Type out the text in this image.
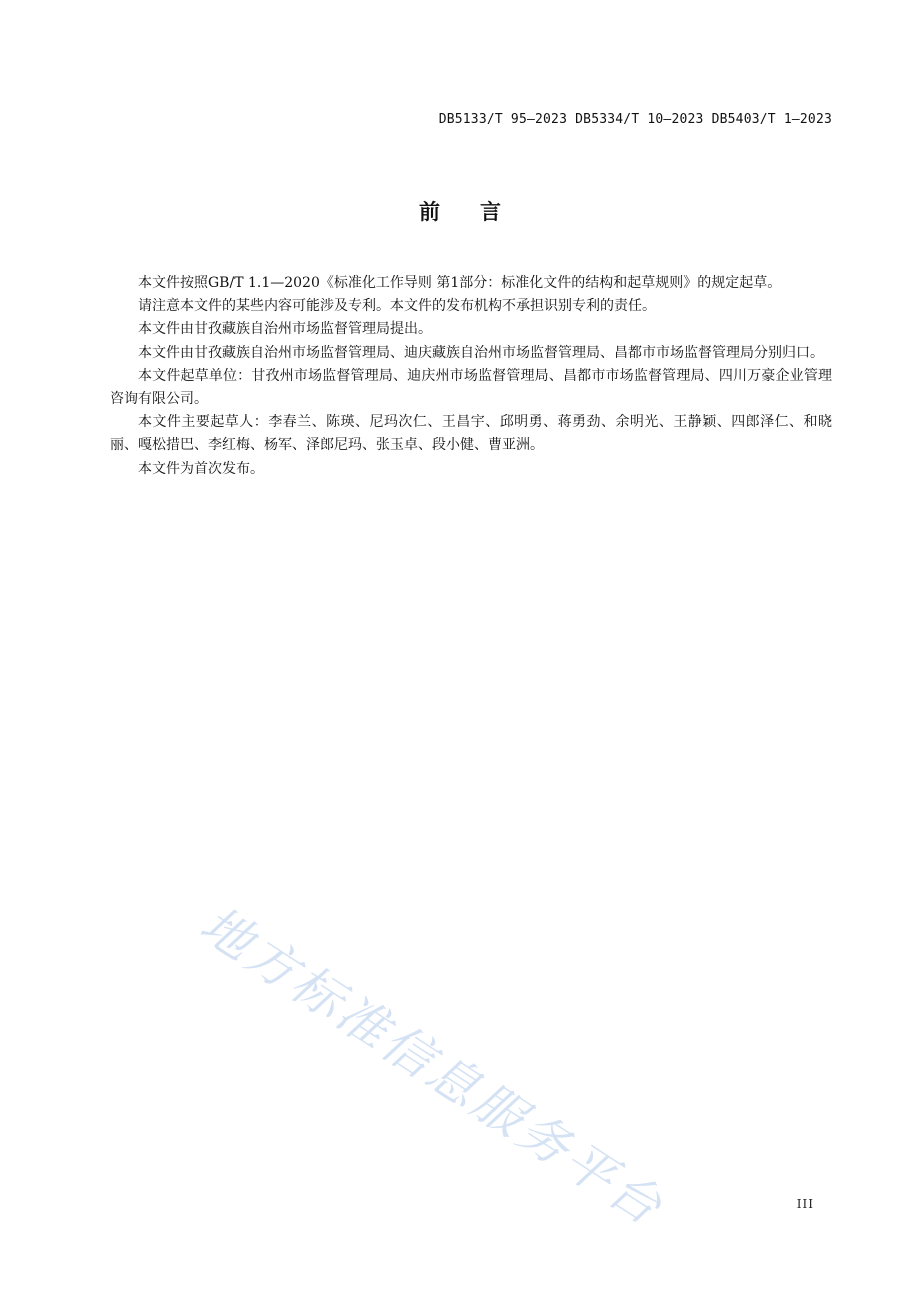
DB5133/T 95—2023 DB5334/T 10—2023 DB5403/T 1—2023
前言

本文件按照GB/T 1.1—2020《标准化工作导则 第1部分：标准化文件的结构和起草规则》的规定起草。

请注意本文件的某些内容可能涉及专利。本文件的发布机构不承担识别专利的责任。

本文件由甘孜藏族自治州市场监督管理局提出。

本文件由甘孜藏族自治州市场监督管理局、迪庆藏族自治州市场监督管理局、昌都市市场监督管理局分别归口。

本文件起草单位：甘孜州市场监督管理局、迪庆州市场监督管理局、昌都市市场监督管理局、四川万豪企业管理咨询有限公司。

本文件主要起草人：李春兰、陈瑛、尼玛次仁、王昌宇、邱明勇、蒋勇劲、余明光、王静颖、四郎泽仁、和晓丽、嘎松措巴、李红梅、杨军、泽郎尼玛、张玉卓、段小健、曹亚洲。

本文件为首次发布。

地方标准信息服务平台	III
